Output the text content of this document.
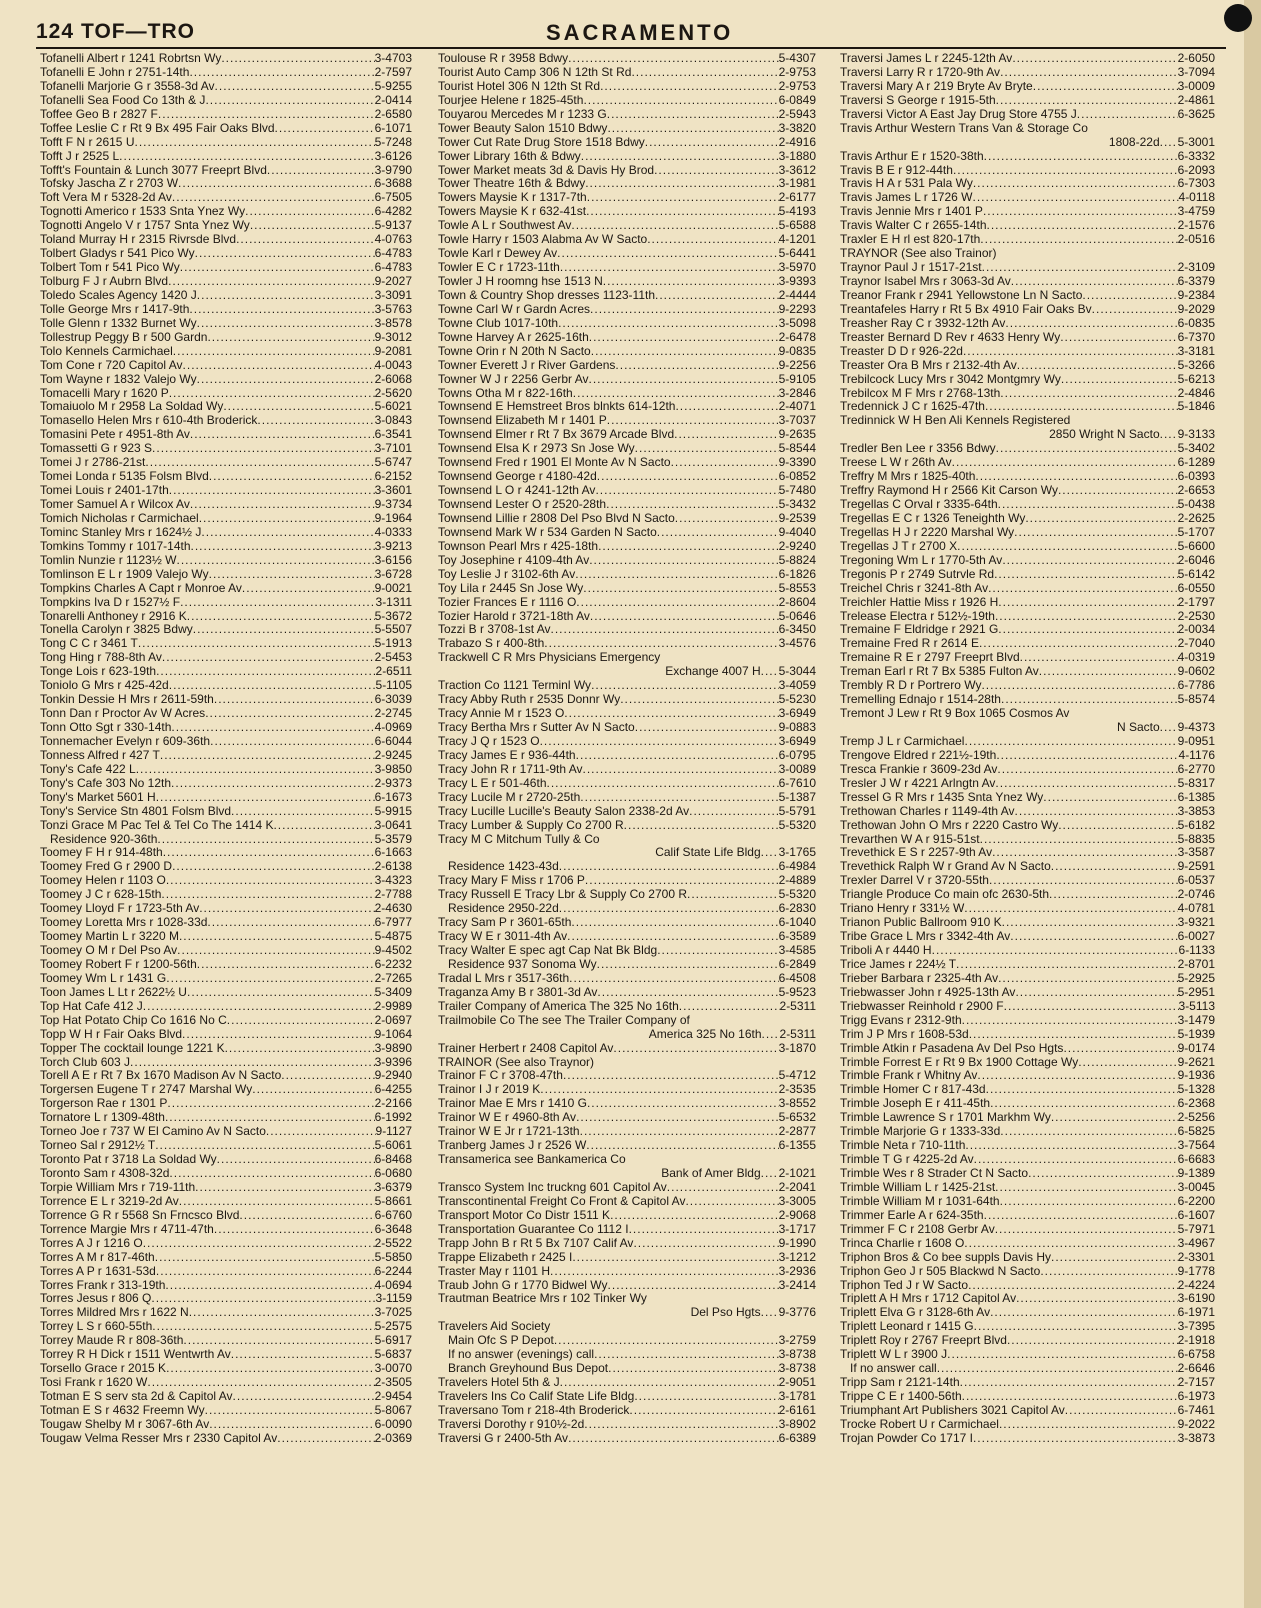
124 TOF—TRO	SACRAMENTO
Tofanelli Albert r 1241 Robrtsn Wy .....	3-4703
Tofanelli E John r 2751-14th .....	2-7597
Tofanelli Marjorie G r 3558-3d Av .....	5-9255
Tofanelli Sea Food Co 13th & J .....	2-0414
Toffee Geo B r 2827 F .....	2-6580
Toffee Leslie C r Rt 9 Bx 495 Fair Oaks Blvd .....	6-1071
Tofft F N r 2615 U .....	5-7248
Tofft J r 2525 L .....	3-6126
Tofft's Fountain & Lunch 3077 Freeprt Blvd .....	3-9790
Tofsky Jascha Z r 2703 W .....	6-3688
Toft Vera M r 5328-2d Av .....	6-7505
Tognotti Americo r 1533 Snta Ynez Wy .....	6-4282
Tognotti Angelo V r 1757 Snta Ynez Wy .....	5-9137
Toland Murray H r 2315 Rivrsde Blvd .....	4-0763
Tolbert Gladys r 541 Pico Wy .....	6-4783
Tolbert Tom r 541 Pico Wy .....	6-4783
Tolburg F J r Aubrn Blvd .....	9-2027
Toledo Scales Agency 1420 J .....	3-3091
Tolle George Mrs r 1417-9th .....	3-5763
Tolle Glenn r 1332 Burnet Wy .....	3-8578
Tollestrup Peggy B r 500 Gardn .....	9-3012
Tolo Kennels Carmichael .....	9-2081
Tom Cone r 720 Capitol Av .....	4-0043
Tom Wayne r 1832 Valejo Wy .....	2-6068
Tomacelli Mary r 1620 P .....	2-5620
Tomaiuolo M r 2958 La Soldad Wy .....	5-6021
Tomasello Helen Mrs r 610-4th Broderick .....	3-0843
Tomasini Pete r 4951-8th Av .....	6-3541
Tomassetti G r 923 S .....	3-7101
Tomei J r 2786-21st .....	5-6747
Tomei Londa r 5135 Folsm Blvd .....	6-2152
Tomei Louis r 2401-17th .....	3-3601
Tomer Samuel A r Wilcox Av .....	9-3734
Tomich Nicholas r Carmichael .....	9-1964
Tominc Stanley Mrs r 1624½ J .....	4-0333
Tomkins Tommy r 1017-14th .....	3-9213
Tomlin Nunzie r 1123½ W .....	3-6156
Tomlinson E L r 1909 Valejo Wy .....	3-6728
Tompkins Charles A Capt r Monroe Av .....	9-0021
Tompkins Iva D r 1527½ F .....	3-1311
Tonarelli Anthoney r 2916 K .....	5-3672
Tonella Carolyn r 3825 Bdwy .....	5-5507
Tong C C r 3461 T .....	5-1913
Tong Hing r 788-8th Av .....	2-5453
Tonge Lois r 623-19th .....	2-6511
Toniolo G Mrs r 425-42d .....	5-1105
Tonkin Dessie H Mrs r 2611-59th .....	6-3039
Tonn Dan r Proctor Av W Acres .....	2-2745
Tonn Otto Sgt r 330-14th .....	4-0969
Tonnemacher Evelyn r 609-36th .....	6-6044
Tonness Alfred r 427 T .....	2-9245
Tony's Cafe 422 L .....	3-9850
Tony's Cafe 303 No 12th .....	2-9373
Tony's Market 5601 H .....	6-1673
Tony's Service Stn 4801 Folsm Blvd .....	5-9915
Tonzi Grace M Pac Tel & Tel Co The 1414 K .....	3-0641
Residence 920-36th .....	5-3579
Toomey F H r 914-48th .....	6-1663
Toomey Fred G r 2900 D .....	2-6138
Toomey Helen r 1103 O .....	3-4323
Toomey J C r 628-15th .....	2-7788
Toomey Lloyd F r 1723-5th Av .....	2-4630
Toomey Loretta Mrs r 1028-33d .....	6-7977
Toomey Martin L r 3220 M .....	5-4875
Toomey O M r Del Pso Av .....	9-4502
Toomey Robert F r 1200-56th .....	6-2232
Toomey Wm L r 1431 G .....	2-7265
Toon James L Lt r 2622½ U .....	5-3409
Top Hat Cafe 412 J .....	2-9989
Top Hat Potato Chip Co 1616 No C .....	2-0697
Topp W H r Fair Oaks Blvd .....	9-1064
Topper The cocktail lounge 1221 K .....	3-9890
Torch Club 603 J .....	3-9396
Torell A E r Rt 7 Bx 1670 Madison Av N Sacto .....	9-2940
Torgersen Eugene T r 2747 Marshal Wy .....	6-4255
Torgerson Rae r 1301 P .....	2-2166
Tornatore L r 1309-48th .....	6-1992
Torneo Joe r 737 W El Camino Av N Sacto .....	9-1127
Torneo Sal r 2912½ T .....	5-6061
Toronto Pat r 3718 La Soldad Wy .....	6-8468
Toronto Sam r 4308-32d .....	6-0680
Torpie William Mrs r 719-11th .....	3-6379
Torrence E L r 3219-2d Av .....	5-8661
Torrence G R r 5568 Sn Frncsco Blvd .....	6-6760
Torrence Margie Mrs r 4711-47th .....	6-3648
Torres A J r 1216 O .....	2-5522
Torres A M r 817-46th .....	5-5850
Torres A P r 1631-53d .....	6-2244
Torres Frank r 313-19th .....	4-0694
Torres Jesus r 806 Q .....	3-1159
Torres Mildred Mrs r 1622 N .....	3-7025
Torrey L S r 660-55th .....	5-2575
Torrey Maude R r 808-36th .....	5-6917
Torrey R H Dick r 1511 Wentwrth Av .....	5-6837
Torsello Grace r 2015 K .....	3-0070
Tosi Frank r 1620 W .....	2-3505
Totman E S serv sta 2d & Capitol Av .....	2-9454
Totman E S r 4632 Freemn Wy .....	5-8067
Tougaw Shelby M r 3067-6th Av .....	6-0090
Tougaw Velma Resser Mrs r 2330 Capitol Av .....	2-0369
Toulouse R r 3958 Bdwy .....	5-4307
Tourist Auto Camp 306 N 12th St Rd .....	2-9753
Tourist Hotel 306 N 12th St Rd .....	2-9753
Tourjee Helene r 1825-45th .....	6-0849
Touyarou Mercedes M r 1233 G .....	2-5943
Tower Beauty Salon 1510 Bdwy .....	3-3820
Tower Cut Rate Drug Store 1518 Bdwy .....	2-4916
Tower Library 16th & Bdwy .....	3-1880
Tower Market meats 3d & Davis Hy Brod .....	3-3612
Tower Theatre 16th & Bdwy .....	3-1981
Towers Maysie K r 1317-7th .....	2-6177
Towers Maysie K r 632-41st .....	5-4193
Towle A L r Southwest Av .....	5-6588
Towle Harry r 1503 Alabma Av W Sacto .....	4-1201
Towle Karl r Dewey Av .....	5-6441
Towler E C r 1723-11th .....	3-5970
Towler J H roomng hse 1513 N .....	3-9393
Town & Country Shop dresses 1123-11th .....	2-4444
Towne Carl W r Gardn Acres .....	9-2293
Towne Club 1017-10th .....	3-5098
Towne Harvey A r 2625-16th .....	2-6478
Towne Orin r N 20th N Sacto .....	9-0835
Towner Everett J r River Gardens .....	9-2256
Towner W J r 2256 Gerbr Av .....	5-9105
Towns Otha M r 822-16th .....	3-2846
Townsend E Hemstreet Bros blnkts 614-12th .....	2-4071
Townsend Elizabeth M r 1401 P .....	3-7037
Townsend Elmer r Rt 7 Bx 3679 Arcade Blvd .....	9-2635
Townsend Elsa K r 2973 Sn Jose Wy .....	5-8544
Townsend Fred r 1901 El Monte Av N Sacto .....	9-3390
Townsend George r 4180-42d .....	6-0852
Townsend L O r 4241-12th Av .....	5-7480
Townsend Lester O r 2520-28th .....	5-3432
Townsend Lillie r 2808 Del Pso Blvd N Sacto .....	9-2539
Townsend Mark W r 534 Garden N Sacto .....	9-4040
Townson Pearl Mrs r 425-18th .....	2-9240
Toy Josephine r 4109-4th Av .....	5-8824
Toy Leslie J r 3102-6th Av .....	6-1826
Toy Lila r 2445 Sn Jose Wy .....	5-8553
Tozier Frances E r 1116 O .....	2-8604
Tozier Harold r 3721-18th Av .....	5-0646
Tozzi B r 3708-1st Av .....	6-3450
Trabazo S r 400-8th .....	3-4576
Trackwell C R Mrs Physicians Emergency
Exchange 4007 H ..... 5-3044
Traction Co 1121 Terminl Wy .....	3-4059
Tracy Abby Ruth r 2535 Donnr Wy .....	5-5230
Tracy Annie M r 1523 O .....	3-6949
Tracy Bertha Mrs r Sutter Av N Sacto .....	9-0883
Tracy J Q r 1523 O .....	3-6949
Tracy James E r 936-44th .....	6-0795
Tracy John R r 1711-9th Av .....	3-0089
Tracy L E r 501-46th .....	6-7610
Tracy Lucile M r 2720-25th .....	5-1387
Tracy Lucille Lucille's Beauty Salon 2338-2d Av .....	5-5791
Tracy Lumber & Supply Co 2700 R .....	5-5320
Tracy M C Mitchum Tully & Co
Calif State Life Bldg ..... 3-1765
Residence 1423-43d .....	6-4984
Tracy Mary F Miss r 1706 P .....	2-4889
Tracy Russell E Tracy Lbr & Supply Co 2700 R .....	5-5320
Residence 2950-22d .....	6-2830
Tracy Sam P r 3601-65th .....	6-1040
Tracy W E r 3011-4th Av .....	6-3589
Tracy Walter E spec agt Cap Nat Bk Bldg .....	3-4585
Residence 937 Sonoma Wy .....	6-2849
Tradal L Mrs r 3517-36th .....	6-4508
Traganza Amy B r 3801-3d Av .....	5-9523
Trailer Company of America The 325 No 16th .....	2-5311
Trailmobile Co The see The Trailer Company of
America 325 No 16th ..... 2-5311
Trainer Herbert r 2408 Capitol Av .....	3-1870
TRAINOR (See also Traynor)
Trainor F C r 3708-47th .....	5-4712
Trainor I J r 2019 K .....	2-3535
Trainor Mae E Mrs r 1410 G .....	3-8552
Trainor W E r 4960-8th Av .....	5-6532
Trainor W E Jr r 1721-13th .....	2-2877
Tranberg James J r 2526 W .....	6-1355
Transamerica see Bankamerica Co
Bank of Amer Bldg ..... 2-1021
Transco System Inc truckng 601 Capitol Av .....	2-2041
Transcontinental Freight Co Front & Capitol Av .....	3-3005
Transport Motor Co Distr 1511 K .....	2-9068
Transportation Guarantee Co 1112 I .....	3-1717
Trapp John B r Rt 5 Bx 7107 Calif Av .....	9-1990
Trappe Elizabeth r 2425 I .....	3-1212
Traster May r 1101 H .....	3-2936
Traub John G r 1770 Bidwel Wy .....	3-2414
Trautman Beatrice Mrs r 102 Tinker Wy
Del Pso Hgts ..... 9-3776
Travelers Aid Society
Main Ofc S P Depot .....	3-2759
If no answer (evenings) call .....	3-8738
Branch Greyhound Bus Depot .....	3-8738
Travelers Hotel 5th & J .....	2-9051
Travelers Ins Co Calif State Life Bldg .....	3-1781
Traversano Tom r 218-4th Broderick .....	2-6161
Traversi Dorothy r 910½-2d .....	3-8902
Traversi G r 2400-5th Av .....	6-6389
Traversi James L r 2245-12th Av .....	2-6050
Traversi Larry R r 1720-9th Av .....	3-7094
Traversi Mary A r 219 Bryte Av Bryte .....	3-0009
Traversi S George r 1915-5th .....	2-4861
Traversi Victor A East Jay Drug Store 4755 J .....	6-3625
Travis Arthur Western Trans Van & Storage Co
1808-22d ..... 5-3001
Travis Arthur E r 1520-38th .....	6-3332
Travis B E r 912-44th .....	6-2093
Travis H A r 531 Pala Wy .....	6-7303
Travis James L r 1726 W .....	4-0118
Travis Jennie Mrs r 1401 P .....	3-4759
Travis Walter C r 2655-14th .....	2-1576
Traxler E H rl est 820-17th .....	2-0516
TRAYNOR (See also Trainor)
Traynor Paul J r 1517-21st .....	2-3109
Traynor Isabel Mrs r 3063-3d Av .....	6-3379
Treanor Frank r 2941 Yellowstone Ln N Sacto .....	9-2384
Treantafeles Harry r Rt 5 Bx 4910 Fair Oaks Bv .....	9-2029
Treasher Ray C r 3932-12th Av .....	6-0835
Treaster Bernard D Rev r 4633 Henry Wy .....	6-7370
Treaster D D r 926-22d .....	3-3181
Treaster Ora B Mrs r 2132-4th Av .....	5-3266
Trebilcock Lucy Mrs r 3042 Montgmry Wy .....	5-6213
Trebilcox M F Mrs r 2768-13th .....	2-4846
Tredennick J C r 1625-47th .....	5-1846
Tredinnick W H Ben Ali Kennels Registered
2850 Wright N Sacto ..... 9-3133
Tredler Ben Lee r 3356 Bdwy .....	5-3402
Treese L W r 26th Av .....	6-1289
Treffry M Mrs r 1825-40th .....	6-0393
Treffry Raymond H r 2566 Kit Carson Wy .....	2-6653
Tregellas C Orval r 3335-64th .....	5-0438
Tregellas E C r 1326 Teneighth Wy .....	2-2625
Tregellas H J r 2220 Marshal Wy .....	5-1707
Tregellas J T r 2700 X .....	5-6600
Tregoning Wm L r 1770-5th Av .....	2-6046
Tregonis P r 2749 Sutrvle Rd .....	5-6142
Treichel Chris r 3241-8th Av .....	6-0550
Treichler Hattie Miss r 1926 H .....	2-1797
Trelease Electra r 512½-19th .....	2-2530
Tremaine F Eldridge r 2921 G .....	2-0034
Tremaine Fred R r 2614 E .....	2-7040
Tremaine R E r 2797 Freeprt Blvd .....	4-0319
Treman Earl r Rt 7 Bx 5385 Fulton Av .....	9-0602
Trembly R D r Portrero Wy .....	6-7786
Tremelling Ednajo r 1514-28th .....	5-8574
Tremont J Lew r Rt 9 Box 1065 Cosmos Av
N Sacto ..... 9-4373
Tremp J L r Carmichael .....	9-0951
Trengove Eldred r 221½-19th .....	4-1176
Tresca Frankie r 3609-23d Av .....	6-2770
Tresler J W r 4221 Arlngtn Av .....	5-8317
Tressel G R Mrs r 1435 Snta Ynez Wy .....	6-1385
Trethowan Charles r 1149-4th Av .....	3-3853
Trethowan John O Mrs r 2220 Castro Wy .....	5-6182
Trevarthen W A r 915-51st .....	5-8835
Trevethick E S r 2257-9th Av .....	3-3587
Trevethick Ralph W r Grand Av N Sacto .....	9-2591
Trexler Darrel V r 3720-55th .....	6-0537
Triangle Produce Co main ofc 2630-5th .....	2-0746
Triano Henry r 331½ W .....	4-0781
Trianon Public Ballroom 910 K .....	3-9321
Tribe Grace L Mrs r 3342-4th Av .....	6-0027
Triboli A r 4440 H .....	6-1133
Trice James r 224½ T .....	2-8701
Trieber Barbara r 2325-4th Av .....	5-2925
Triebwasser John r 4925-13th Av .....	5-2951
Triebwasser Reinhold r 2900 F .....	3-5113
Trigg Evans r 2312-9th .....	3-1479
Trim J P Mrs r 1608-53d .....	5-1939
Trimble Atkin r Pasadena Av Del Pso Hgts .....	9-0174
Trimble Forrest E r Rt 9 Bx 1900 Cottage Wy .....	9-2621
Trimble Frank r Whitny Av .....	9-1936
Trimble Homer C r 817-43d .....	5-1328
Trimble Joseph E r 411-45th .....	6-2368
Trimble Lawrence S r 1701 Markhm Wy .....	2-5256
Trimble Marjorie G r 1333-33d .....	6-5825
Trimble Neta r 710-11th .....	3-7564
Trimble T G r 4225-2d Av .....	6-6683
Trimble Wes r 8 Strader Ct N Sacto .....	9-1389
Trimble William L r 1425-21st .....	3-0045
Trimble William M r 1031-64th .....	6-2200
Trimmer Earle A r 624-35th .....	6-1607
Trimmer F C r 2108 Gerbr Av .....	5-7971
Trinca Charlie r 1608 O .....	3-4967
Triphon Bros & Co bee suppls Davis Hy .....	2-3301
Triphon Geo J r 505 Blackwd N Sacto .....	9-1778
Triphon Ted J r W Sacto .....	2-4224
Triplett A H Mrs r 1712 Capitol Av .....	3-6190
Triplett Elva G r 3128-6th Av .....	6-1971
Triplett Leonard r 1415 G .....	3-7395
Triplett Roy r 2767 Freeprt Blvd .....	2-1918
Triplett W L r 3900 J .....	6-6758
If no answer call .....	2-6646
Tripp Sam r 2121-14th .....	2-7157
Trippe C E r 1400-56th .....	6-1973
Triumphant Art Publishers 3021 Capitol Av .....	6-7461
Trocke Robert U r Carmichael .....	9-2022
Trojan Powder Co 1717 I .....	3-3873
